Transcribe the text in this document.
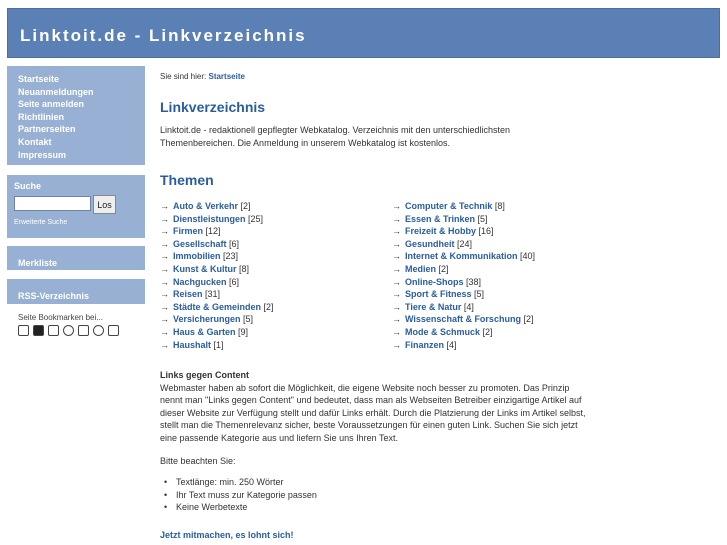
Linktoit.de - Linkverzeichnis
Startseite
Neuanmeldungen
Seite anmelden
Richtlinien
Partnerseiten
Kontakt
Impressum
Suche
Los
Erweiterte Suche
Merkliste
RSS-Verzeichnis
Seite Bookmarken bei...
Sie sind hier: Startseite
Linkverzeichnis
Linktoit.de - redaktionell gepflegter Webkatalog. Verzeichnis mit den unterschiedlichsten Themenbereichen. Die Anmeldung in unserem Webkatalog ist kostenlos.
Themen
→ Auto & Verkehr [2]
→ Dienstleistungen [25]
→ Firmen [12]
→ Gesellschaft [6]
→ Immobilien [23]
→ Kunst & Kultur [8]
→ Nachgucken [6]
→ Reisen [31]
→ Städte & Gemeinden [2]
→ Versicherungen [5]
→ Haus & Garten [9]
→ Haushalt [1]
→ Computer & Technik [8]
→ Essen & Trinken [5]
→ Freizeit & Hobby [16]
→ Gesundheit [24]
→ Internet & Kommunikation [40]
→ Medien [2]
→ Online-Shops [38]
→ Sport & Fitness [5]
→ Tiere & Natur [4]
→ Wissenschaft & Forschung [2]
→ Mode & Schmuck [2]
→ Finanzen [4]
Links gegen Content
Webmaster haben ab sofort die Möglichkeit, die eigene Website noch besser zu promoten. Das Prinzip nennt man "Links gegen Content" und bedeutet, dass man als Webseiten Betreiber einzigartige Artikel auf dieser Website zur Verfügung stellt und dafür Links erhält. Durch die Platzierung der Links im Artikel selbst, stellt man die Themenrelevanz sicher, beste Voraussetzungen für einen guten Link. Suchen Sie sich jetzt eine passende Kategorie aus und liefern Sie uns Ihren Text.
Bitte beachten Sie:
• Textlänge: min. 250 Wörter
• Ihr Text muss zur Kategorie passen
• Keine Werbetexte
Jetzt mitmachen, es lohnt sich!
